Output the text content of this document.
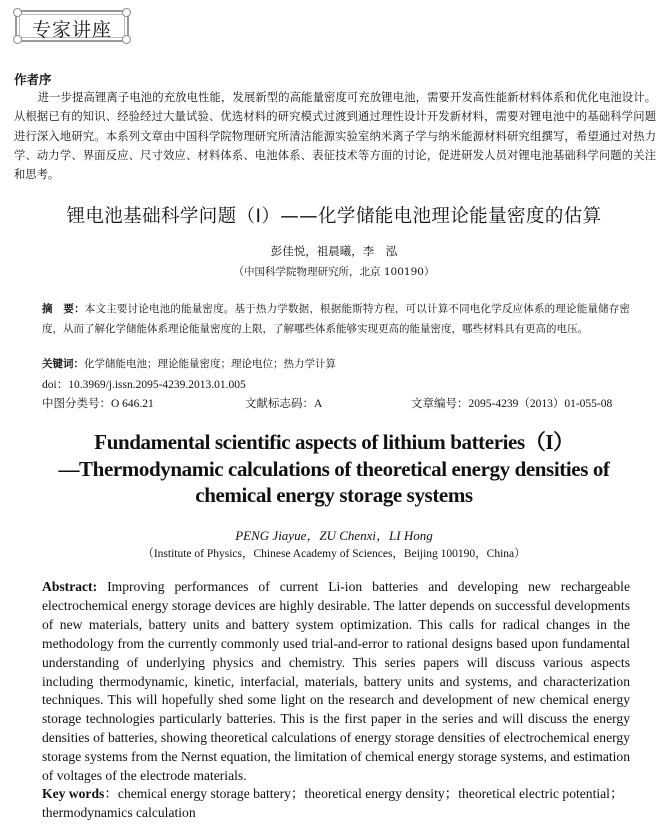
专家讲座
作者序
进一步提高锂离子电池的充放电性能，发展新型的高能量密度可充放锂电池，需要开发高性能新材料体系和优化电池设计。从根据已有的知识、经验经过大量试验、优选材料的研究模式过渡到通过理性设计开发新材料，需要对锂电池中的基础科学问题进行深入地研究。本系列文章由中国科学院物理研究所清洁能源实验室纳米离子学与纳米能源材料研究组撰写，希望通过对热力学、动力学、界面反应、尺寸效应、材料体系、电池体系、表征技术等方面的讨论，促进研发人员对锂电池基础科学问题的关注和思考。
锂电池基础科学问题（I）——化学储能电池理论能量密度的估算
彭佳悦，祖晨曦，李　泓
（中国科学院物理研究所，北京 100190）
摘　要：本文主要讨论电池的能量密度。基于热力学数据，根据能斯特方程，可以计算不同电化学反应体系的理论能量储存密度，从而了解化学储能体系理论能量密度的上限，了解哪些体系能够实现更高的能量密度，哪些材料具有更高的电压。
关键词：化学储能电池；理论能量密度；理论电位；热力学计算
doi：10.3969/j.issn.2095-4239.2013.01.005
中图分类号：O 646.21	文献标志码：A	文章编号：2095-4239（2013）01-055-08
Fundamental scientific aspects of lithium batteries（I）
—Thermodynamic calculations of theoretical energy densities of
chemical energy storage systems
PENG Jiayue，ZU Chenxi，LI Hong
（Institute of Physics，Chinese Academy of Sciences，Beijing 100190，China）
Abstract: Improving performances of current Li-ion batteries and developing new rechargeable electrochemical energy storage devices are highly desirable. The latter depends on successful developments of new materials, battery units and battery system optimization. This calls for radical changes in the methodology from the currently commonly used trial-and-error to rational designs based upon fundamental understanding of underlying physics and chemistry. This series papers will discuss various aspects including thermodynamic, kinetic, interfacial, materials, battery units and systems, and characterization techniques. This will hopefully shed some light on the research and development of new chemical energy storage technologies particularly batteries. This is the first paper in the series and will discuss the energy densities of batteries, showing theoretical calculations of energy storage densities of electrochemical energy storage systems from the Nernst equation, the limitation of chemical energy storage systems, and estimation of voltages of the electrode materials.
Key words：chemical energy storage battery；theoretical energy density；theoretical electric potential；thermodynamics calculation
